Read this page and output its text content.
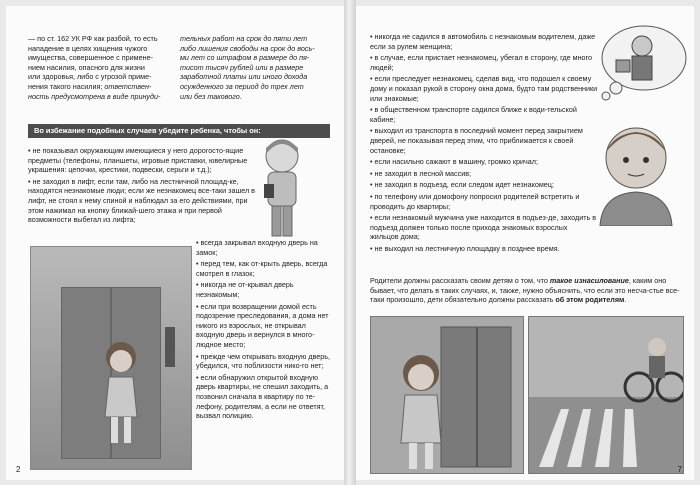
— по ст. 162 УК РФ как разбой, то есть
нападение в целях хищения чужого
имущества, совершенное с примене-
нием насилия, опасного для жизни
или здоровья, либо с угрозой приме-
нения такого насилия; ответствен-
ность предусмотрена в виде принуди-
тельных работ на срок до пяти лет
либо лишения свободы на срок до вось-
ми лет со штрафом в размере до пя-
тисот тысяч рублей или в размере
заработной платы или иного дохода
осужденного за период до трех лет
или без такового.
Во избежание подобных случаев убедите ребенка, чтобы он:

• не показывал окружающим имеющиеся у него дорогосто-ящие предметы (телефоны, планшеты, игровые приставки, ювелирные украшения: цепочки, крестики, подвески, серьги и т.д.);

• не заходил в лифт, если там, либо на лестничной площад-ке, находятся незнакомые люди; если же незнакомец все-таки зашел в лифт, не стоял к нему спиной и наблюдал за его действиями, при этом нажимал на кнопку ближай-шего этажа и при первой возможности выбегал из лифта;

• всегда закрывал входную дверь на замок;

• перед тем, как от-крыть дверь, всегда смотрел в глазок;

• никогда не от-крывал дверь незнакомым;

• если при возвращении домой есть подозрение преследования, а дома нет никого из взрослых, не открывал входную дверь и вернулся в много-людное место;

• прежде чем открывать входную дверь, убедился, что поблизости нико-го нет;

• если обнаружил открытой входную дверь квартиры, не спешил заходить, а позвонил сначала в квартиру по те-лефону, родителям, а если не ответят, вызвал полицию.

2

• никогда не садился в автомобиль с незнакомым водителем, даже если за рулем женщина;

• в случае, если пристает незнакомец, убегал в сторону, где много людей;

• если преследует незнакомец, сделав вид, что подошел к своему дому и показал рукой в сторону окна дома, будто там родственники или знакомые;

• в общественном транспорте садился ближе к води-тельской кабине;

• выходил из транспорта в последний момент перед закрытием дверей, не показывая перед этим, что приближается к своей остановке;

• если насильно сажают в машину, громко кричал;

• не заходил в лесной массив;

• не заходил в подъезд, если следом идет незнакомец;

• по телефону или домофону попросил родителей встретить и проводить до квартиры;

• если незнакомый мужчина уже находится в подъез-де, заходить в подъезд должен только после прихода знакомых взрослых жильцов дома;

• не выходил на лестничную площадку в позднее время.

Родители должны рассказать своим детям о том, что такое изнасилование, каким оно бывает, что делать в таких случаях, и, также, нужно объяснить, что если это несча-стье все-таки произошло, дети обязательно должны рассказать об этом родителям.
7
